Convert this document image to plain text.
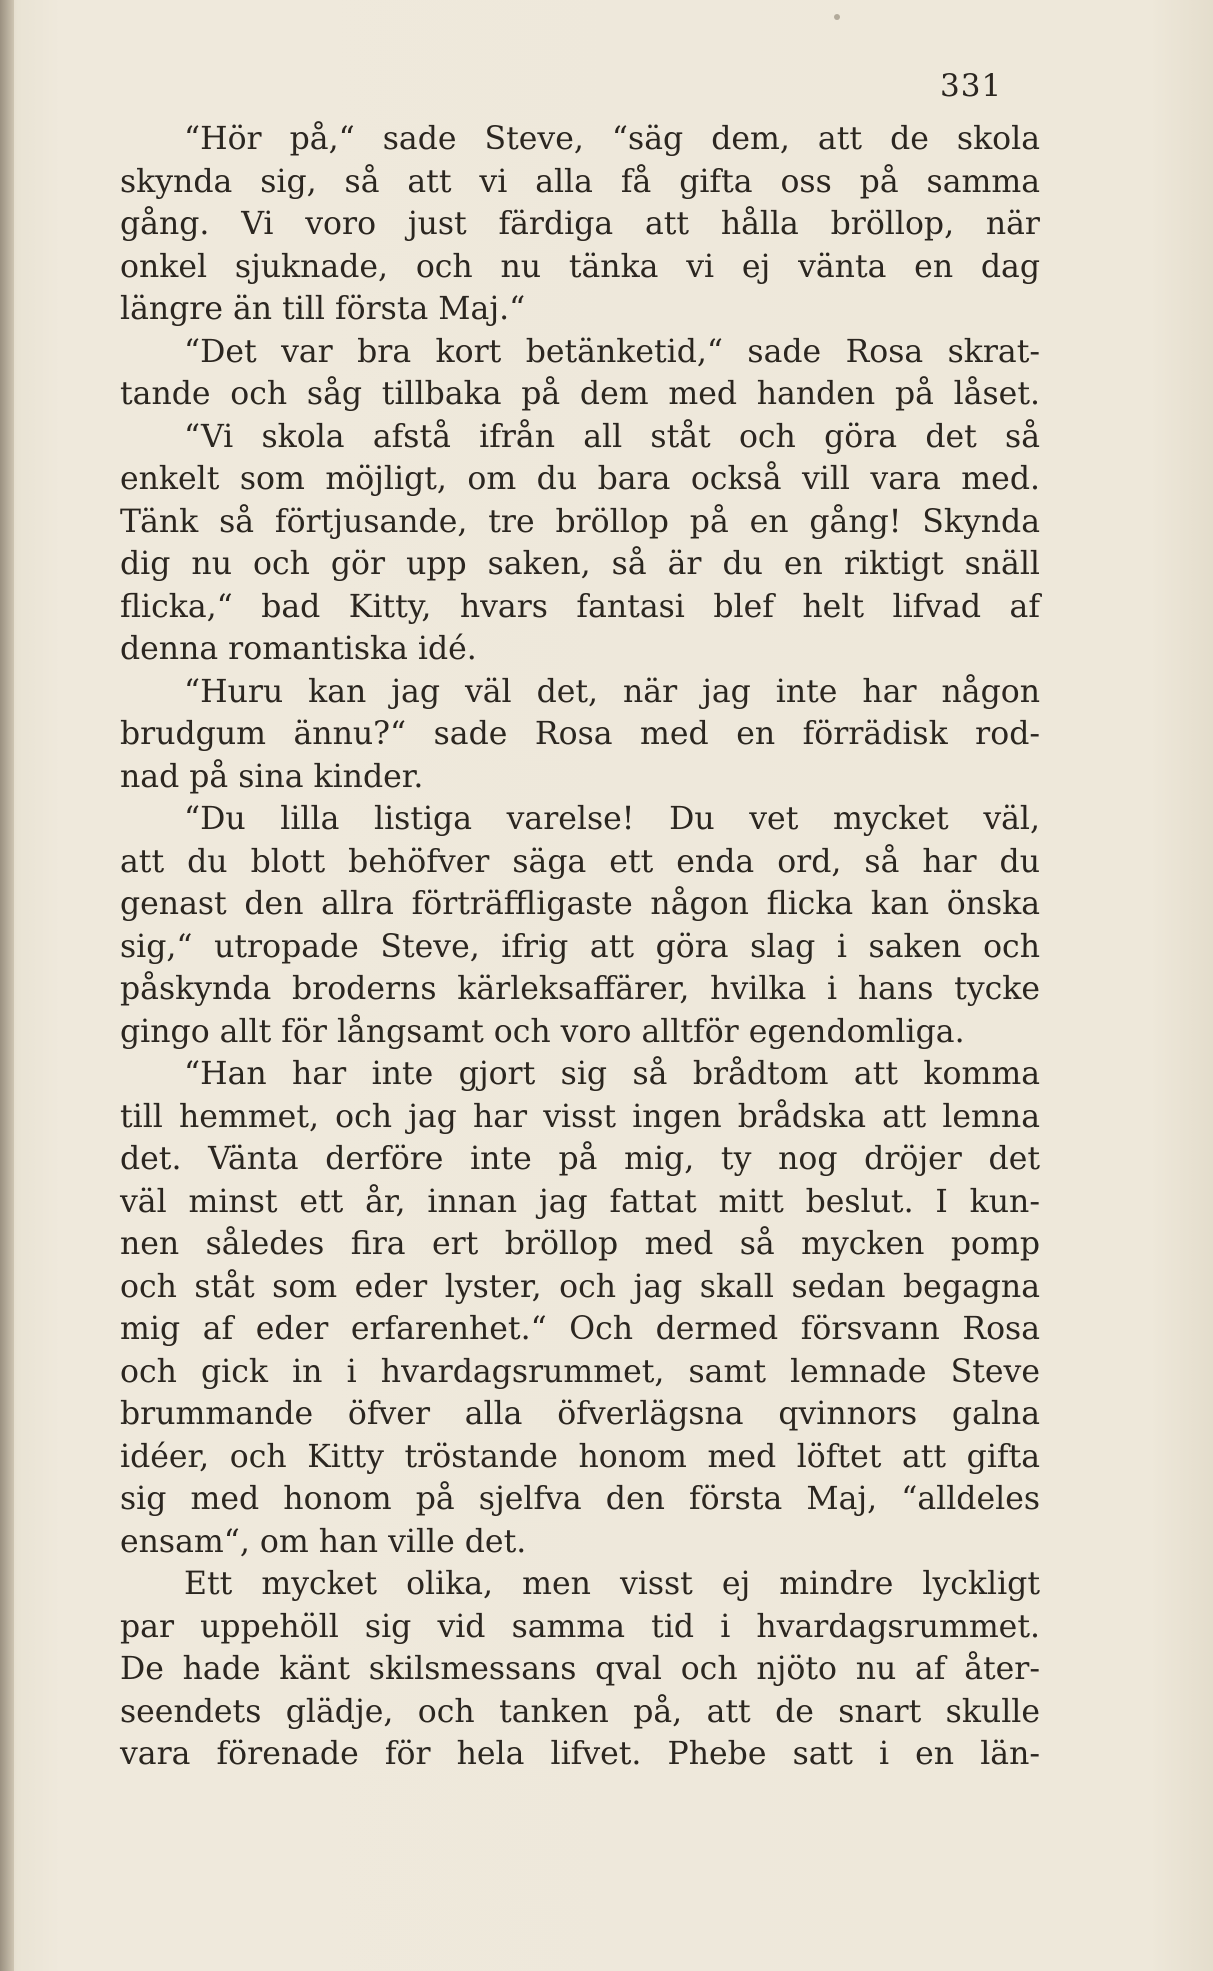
331

“Hör på,“ sade Steve, “säg dem, att de skola

skynda sig, så att vi alla få gifta oss på samma

gång. Vi voro just färdiga att hålla bröllop, när

onkel sjuknade, och nu tänka vi ej vänta en dag

längre än till första Maj.“

“Det var bra kort betänketid,“ sade Rosa skrat-

tande och såg tillbaka på dem med handen på låset.

“Vi skola afstå ifrån all ståt och göra det så

enkelt som möjligt, om du bara också vill vara med.

Tänk så förtjusande, tre bröllop på en gång! Skynda

dig nu och gör upp saken, så är du en riktigt snäll

flicka,“ bad Kitty, hvars fantasi blef helt lifvad af

denna romantiska idé.

“Huru kan jag väl det, när jag inte har någon

brudgum ännu?“ sade Rosa med en förrädisk rod-

nad på sina kinder.

“Du lilla listiga varelse! Du vet mycket väl,

att du blott behöfver säga ett enda ord, så har du

genast den allra förträffligaste någon flicka kan önska

sig,“ utropade Steve, ifrig att göra slag i saken och

påskynda broderns kärleksaffärer, hvilka i hans tycke

gingo allt för långsamt och voro alltför egendomliga.

“Han har inte gjort sig så brådtom att komma

till hemmet, och jag har visst ingen brådska att lemna

det. Vänta derföre inte på mig, ty nog dröjer det

väl minst ett år, innan jag fattat mitt beslut. I kun-

nen således fira ert bröllop med så mycken pomp

och ståt som eder lyster, och jag skall sedan begagna

mig af eder erfarenhet.“ Och dermed försvann Rosa

och gick in i hvardagsrummet, samt lemnade Steve

brummande öfver alla öfverlägsna qvinnors galna

idéer, och Kitty tröstande honom med löftet att gifta

sig med honom på sjelfva den första Maj, “alldeles

ensam“, om han ville det.

Ett mycket olika, men visst ej mindre lyckligt

par uppehöll sig vid samma tid i hvardagsrummet.

De hade känt skilsmessans qval och njöto nu af åter-

seendets glädje, och tanken på, att de snart skulle

vara förenade för hela lifvet. Phebe satt i en län-
